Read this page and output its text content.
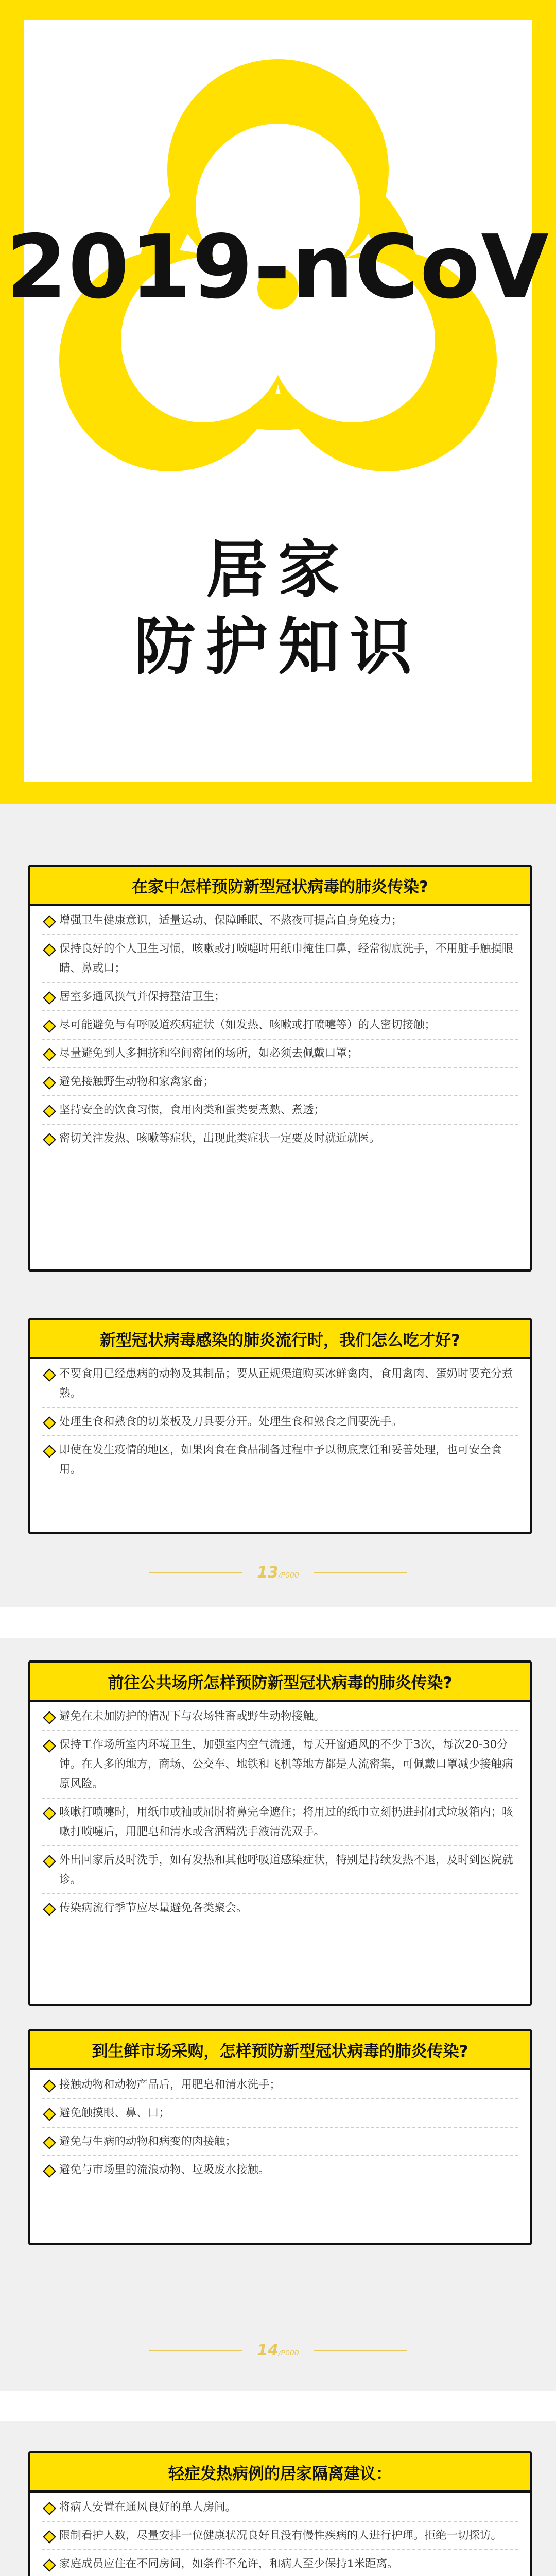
2019-nCoV
居家
防护知识
在家中怎样预防新型冠状病毒的肺炎传染?
增强卫生健康意识，适量运动、保障睡眠、不熬夜可提高自身免疫力；
保持良好的个人卫生习惯，咳嗽或打喷嚏时用纸巾掩住口鼻，经常彻底洗手，不用脏手触摸眼睛、鼻或口；
居室多通风换气并保持整洁卫生；
尽可能避免与有呼吸道疾病症状（如发热、咳嗽或打喷嚏等）的人密切接触；
尽量避免到人多拥挤和空间密闭的场所，如必须去佩戴口罩；
避免接触野生动物和家禽家畜；
坚持安全的饮食习惯，食用肉类和蛋类要煮熟、煮透；
密切关注发热、咳嗽等症状，出现此类症状一定要及时就近就医。
新型冠状病毒感染的肺炎流行时，我们怎么吃才好?
不要食用已经患病的动物及其制品；要从正规渠道购买冰鲜禽肉，食用禽肉、蛋奶时要充分煮熟。
处理生食和熟食的切菜板及刀具要分开。处理生食和熟食之间要洗手。
即使在发生疫情的地区，如果肉食在食品制备过程中予以彻底烹饪和妥善处理，也可安全食用。
13/P000
前往公共场所怎样预防新型冠状病毒的肺炎传染?
避免在未加防护的情况下与农场牲畜或野生动物接触。
保持工作场所室内环境卫生，加强室内空气流通，每天开窗通风的不少于3次，每次20-30分钟。在人多的地方，商场、公交车、地铁和飞机等地方都是人流密集，可佩戴口罩减少接触病原风险。
咳嗽打喷嚏时，用纸巾或袖或屈肘将鼻完全遮住；将用过的纸巾立刻扔进封闭式垃圾箱内；咳嗽打喷嚏后，用肥皂和清水或含酒精洗手液清洗双手。
外出回家后及时洗手，如有发热和其他呼吸道感染症状，特别是持续发热不退，及时到医院就诊。
传染病流行季节应尽量避免各类聚会。
到生鲜市场采购，怎样预防新型冠状病毒的肺炎传染?
接触动物和动物产品后，用肥皂和清水洗手；
避免触摸眼、鼻、口；
避免与生病的动物和病变的肉接触；
避免与市场里的流浪动物、垃圾废水接触。
14/P000
轻症发热病例的居家隔离建议：
将病人安置在通风良好的单人房间。
限制看护人数，尽量安排一位健康状况良好且没有慢性疾病的人进行护理。拒绝一切探访。
家庭成员应住在不同房间，如条件不允许，和病人至少保持1米距离。
